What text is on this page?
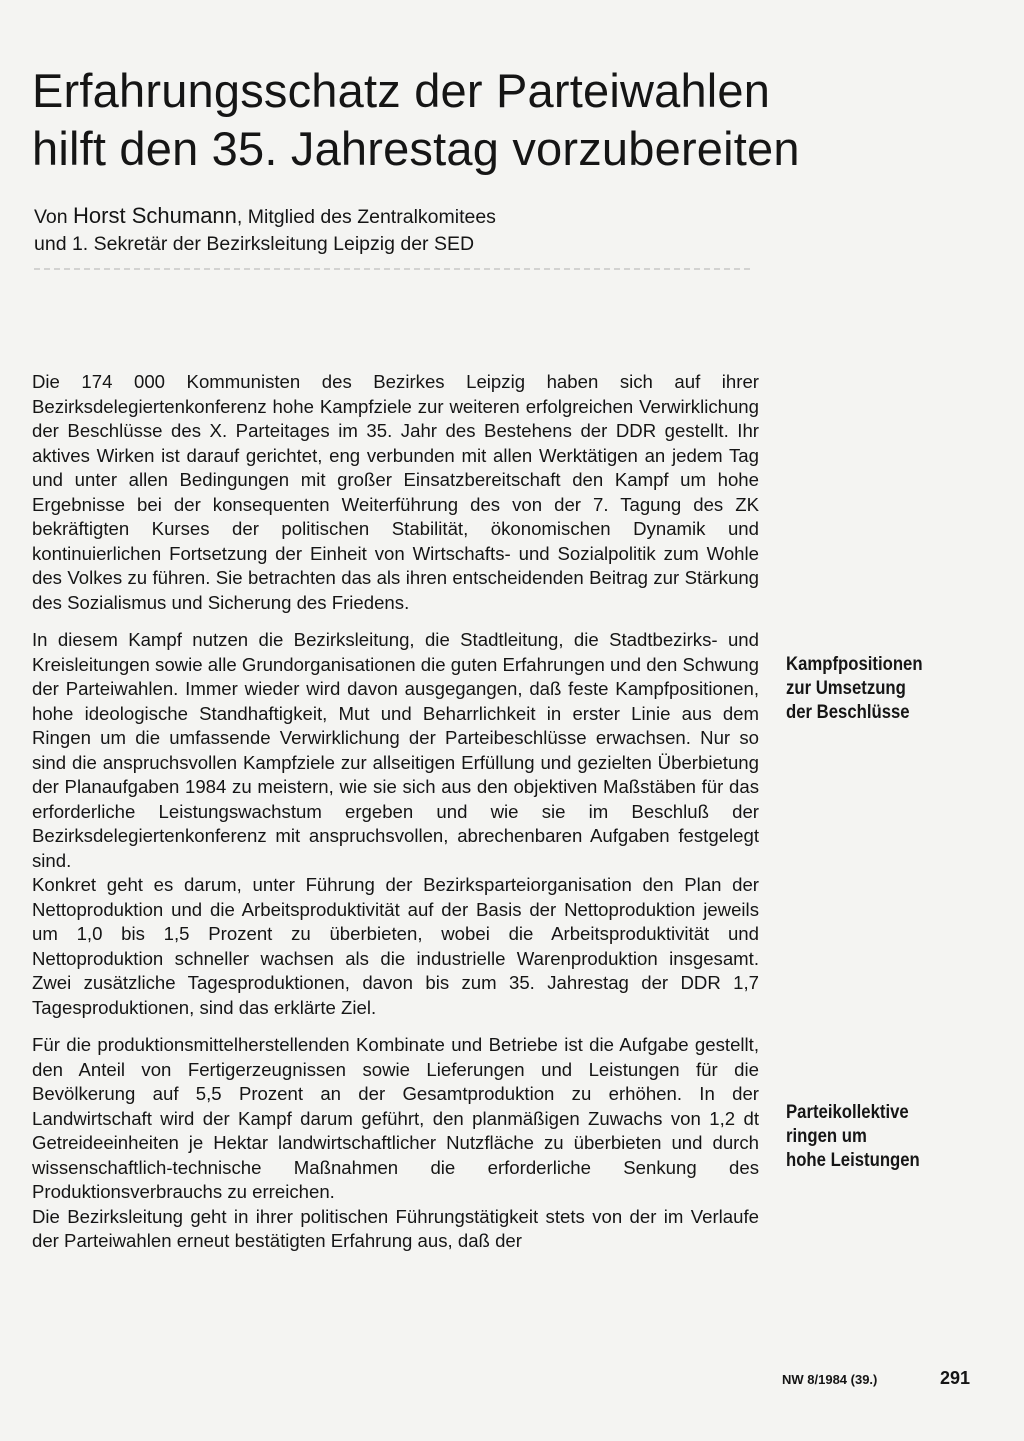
Erfahrungsschatz der Parteiwahlen
hilft den 35. Jahrestag vorzubereiten
Von Horst Schumann, Mitglied des Zentralkomitees
und 1. Sekretär der Bezirksleitung Leipzig der SED

Die 174 000 Kommunisten des Bezirkes Leipzig haben sich auf ihrer Bezirksdelegiertenkonferenz hohe Kampfziele zur weiteren erfolgreichen Verwirklichung der Beschlüsse des X. Parteitages im 35. Jahr des Bestehens der DDR gestellt. Ihr aktives Wirken ist darauf gerichtet, eng verbunden mit allen Werktätigen an jedem Tag und unter allen Bedingungen mit großer Einsatzbereitschaft den Kampf um hohe Ergebnisse bei der konsequenten Weiterführung des von der 7. Tagung des ZK bekräftigten Kurses der politischen Stabilität, ökonomischen Dynamik und kontinuierlichen Fortsetzung der Einheit von Wirtschafts- und Sozialpolitik zum Wohle des Volkes zu führen. Sie betrachten das als ihren entscheidenden Beitrag zur Stärkung des Sozialismus und Sicherung des Friedens.

In diesem Kampf nutzen die Bezirksleitung, die Stadtleitung, die Stadtbezirks- und Kreisleitungen sowie alle Grundorganisationen die guten Erfahrungen und den Schwung der Parteiwahlen. Immer wieder wird davon ausgegangen, daß feste Kampfpositionen, hohe ideologische Standhaftigkeit, Mut und Beharrlichkeit in erster Linie aus dem Ringen um die umfassende Verwirklichung der Parteibeschlüsse erwachsen. Nur so sind die anspruchsvollen Kampfziele zur allseitigen Erfüllung und gezielten Überbietung der Planaufgaben 1984 zu meistern, wie sie sich aus den objektiven Maßstäben für das erforderliche Leistungswachstum ergeben und wie sie im Beschluß der Bezirksdelegiertenkonferenz mit anspruchsvollen, abrechenbaren Aufgaben festgelegt sind.

Konkret geht es darum, unter Führung der Bezirksparteiorganisation den Plan der Nettoproduktion und die Arbeitsproduktivität auf der Basis der Nettoproduktion jeweils um 1,0 bis 1,5 Prozent zu überbieten, wobei die Arbeitsproduktivität und Nettoproduktion schneller wachsen als die industrielle Warenproduktion insgesamt. Zwei zusätzliche Tagesproduktionen, davon bis zum 35. Jahrestag der DDR 1,7 Tagesproduktionen, sind das erklärte Ziel.

Für die produktionsmittelherstellenden Kombinate und Betriebe ist die Aufgabe gestellt, den Anteil von Fertigerzeugnissen sowie Lieferungen und Leistungen für die Bevölkerung auf 5,5 Prozent an der Gesamtproduktion zu erhöhen. In der Landwirtschaft wird der Kampf darum geführt, den planmäßigen Zuwachs von 1,2 dt Getreideeinheiten je Hektar landwirtschaftlicher Nutzfläche zu überbieten und durch wissenschaftlich-technische Maßnahmen die erforderliche Senkung des Produktionsverbrauchs zu erreichen.

Die Bezirksleitung geht in ihrer politischen Führungstätigkeit stets von der im Verlaufe der Parteiwahlen erneut bestätigten Erfahrung aus, daß der

Kampfpositionen
zur Umsetzung
der Beschlüsse
Parteikollektive
ringen um
hohe Leistungen
NW 8/1984 (39.)	291
